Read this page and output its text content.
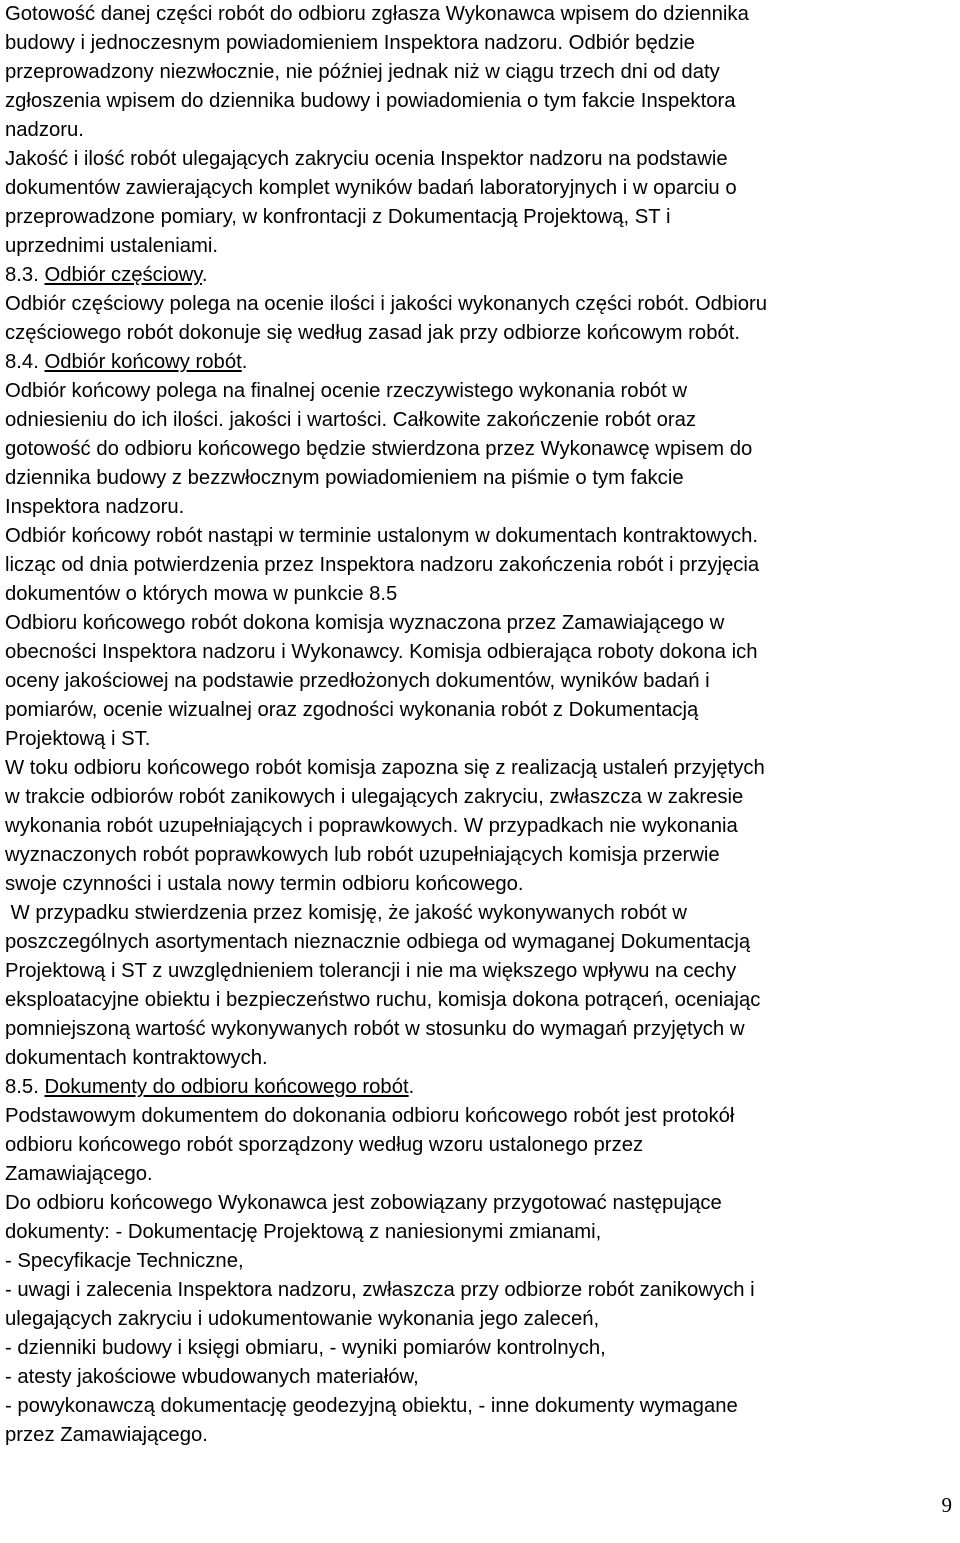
Gotowość danej części robót do odbioru zgłasza Wykonawca wpisem do dziennika
budowy i jednoczesnym powiadomieniem Inspektora nadzoru. Odbiór będzie
przeprowadzony niezwłocznie, nie później jednak niż w ciągu trzech dni od daty
zgłoszenia wpisem do dziennika budowy i powiadomienia o tym fakcie Inspektora
nadzoru.
Jakość i ilość robót ulegających zakryciu ocenia Inspektor nadzoru na podstawie
dokumentów zawierających komplet wyników badań laboratoryjnych i w oparciu o
przeprowadzone pomiary, w konfrontacji z Dokumentacją Projektową, ST i
uprzednimi ustaleniami.
8.3. Odbiór częściowy.
Odbiór częściowy polega na ocenie ilości i jakości wykonanych części robót. Odbioru
częściowego robót dokonuje się według zasad jak przy odbiorze końcowym robót.
8.4. Odbiór końcowy robót.
Odbiór końcowy polega na finalnej ocenie rzeczywistego wykonania robót w
odniesieniu do ich ilości. jakości i wartości. Całkowite zakończenie robót oraz
gotowość do odbioru końcowego będzie stwierdzona przez Wykonawcę wpisem do
dziennika budowy z bezzwłocznym powiadomieniem na piśmie o tym fakcie
Inspektora nadzoru.
Odbiór końcowy robót nastąpi w terminie ustalonym w dokumentach kontraktowych.
licząc od dnia potwierdzenia przez Inspektora nadzoru zakończenia robót i przyjęcia
dokumentów o których mowa w punkcie 8.5
Odbioru końcowego robót dokona komisja wyznaczona przez Zamawiającego w
obecności Inspektora nadzoru i Wykonawcy. Komisja odbierająca roboty dokona ich
oceny jakościowej na podstawie przedłożonych dokumentów, wyników badań i
pomiarów, ocenie wizualnej oraz zgodności wykonania robót z Dokumentacją
Projektową i ST.
W toku odbioru końcowego robót komisja zapozna się z realizacją ustaleń przyjętych
w trakcie odbiorów robót zanikowych i ulegających zakryciu, zwłaszcza w zakresie
wykonania robót uzupełniających i poprawkowych. W przypadkach nie wykonania
wyznaczonych robót poprawkowych lub robót uzupełniających komisja przerwie
swoje czynności i ustala nowy termin odbioru końcowego.
W przypadku stwierdzenia przez komisję, że jakość wykonywanych robót w
poszczególnych asortymentach nieznacznie odbiega od wymaganej Dokumentacją
Projektową i ST z uwzględnieniem tolerancji i nie ma większego wpływu na cechy
eksploatacyjne obiektu i bezpieczeństwo ruchu, komisja dokona potrąceń, oceniając
pomniejszoną wartość wykonywanych robót w stosunku do wymagań przyjętych w
dokumentach kontraktowych.
8.5. Dokumenty do odbioru końcowego robót.
Podstawowym dokumentem do dokonania odbioru końcowego robót jest protokół
odbioru końcowego robót sporządzony według wzoru ustalonego przez
Zamawiającego.
Do odbioru końcowego Wykonawca jest zobowiązany przygotować następujące
dokumenty: - Dokumentację Projektową z naniesionymi zmianami,
- Specyfikacje Techniczne,
- uwagi i zalecenia Inspektora nadzoru, zwłaszcza przy odbiorze robót zanikowych i
ulegających zakryciu i udokumentowanie wykonania jego zaleceń,
- dzienniki budowy i księgi obmiaru, - wyniki pomiarów kontrolnych,
- atesty jakościowe wbudowanych materiałów,
- powykonawczą dokumentację geodezyjną obiektu, - inne dokumenty wymagane
przez Zamawiającego.
9
